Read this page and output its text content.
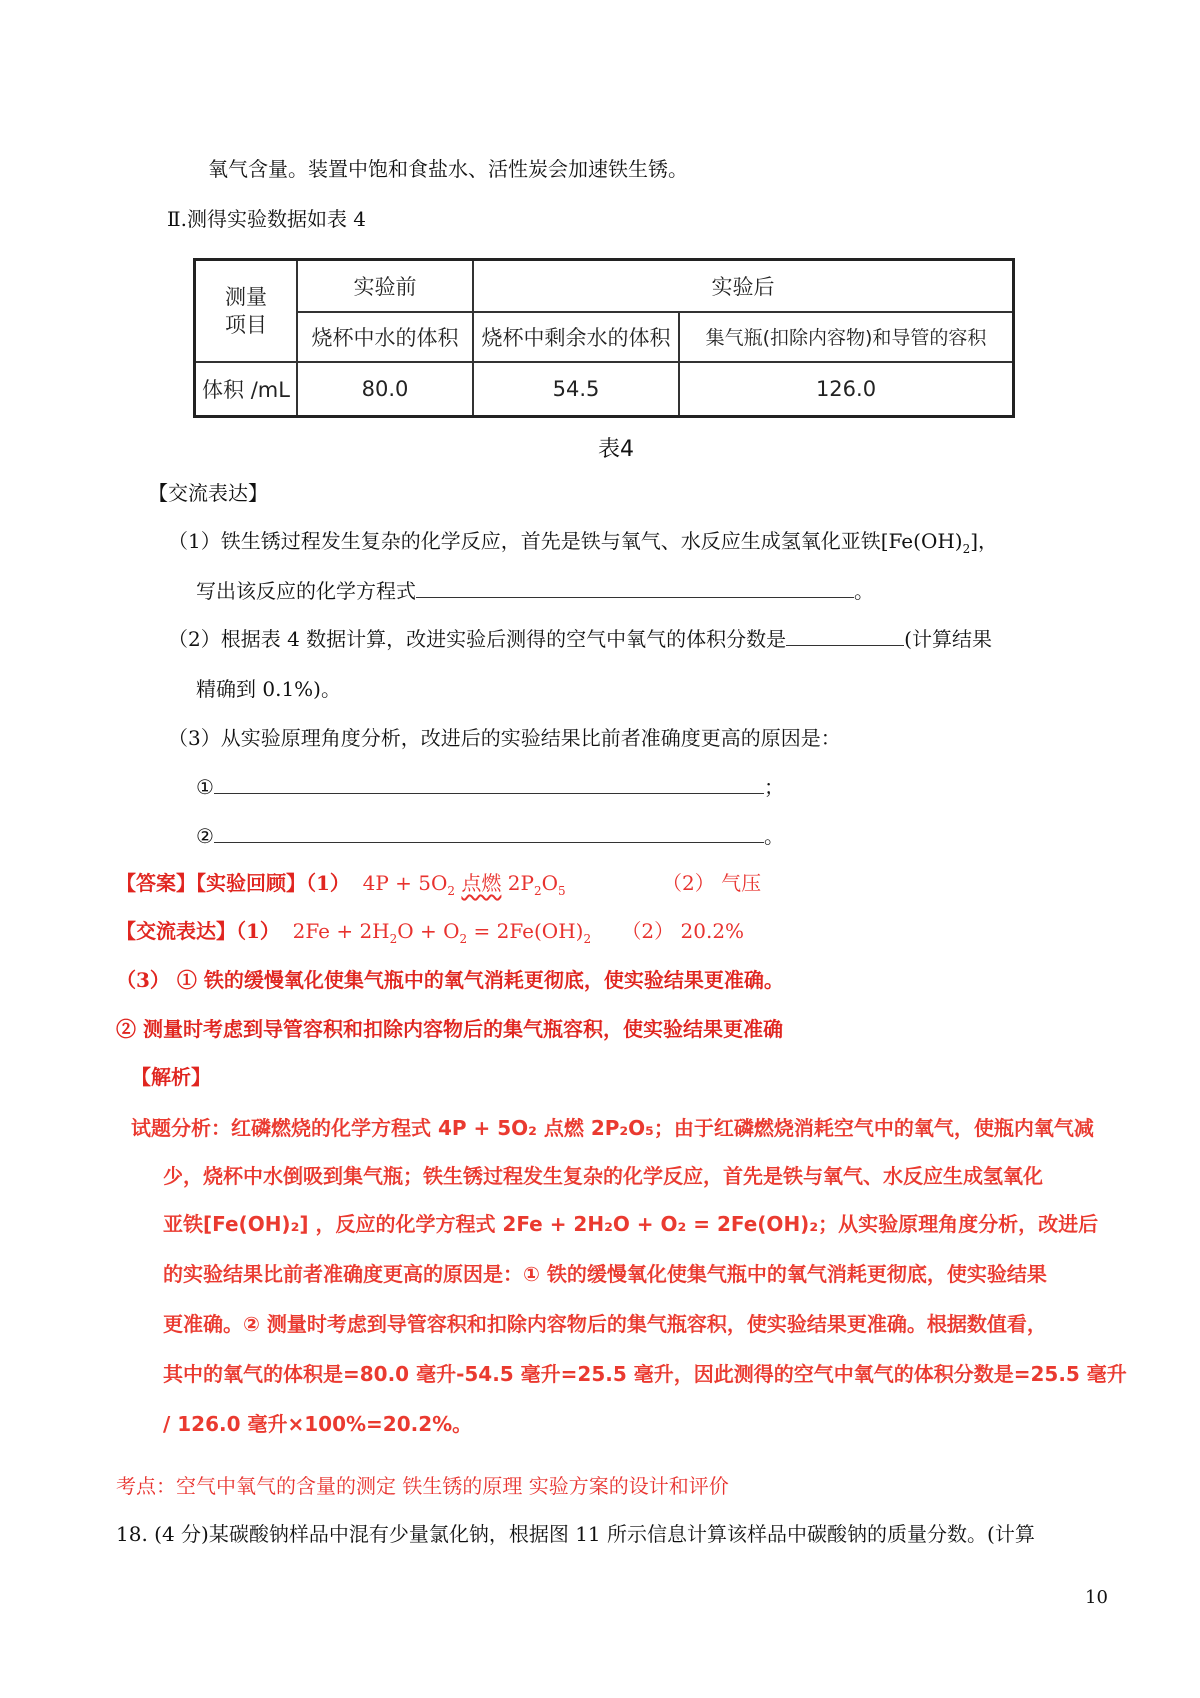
氧气含量。装置中饱和食盐水、活性炭会加速铁生锈。
Ⅱ.测得实验数据如表 4
测量
项目	实验前	实验后	
	烧杯中水的体积	烧杯中剩余水的体积	集气瓶(扣除内容物)和导管的容积
体积 /mL	80.0	54.5	126.0
表4
【交流表达】
（1）铁生锈过程发生复杂的化学反应，首先是铁与氧气、水反应生成氢氧化亚铁$[Fe(OH)_2]$，
写出该反应的化学方程式	。
（2）根据表 4 数据计算，改进实验后测得的空气中氧气的体积分数是	(计算结果
精确到 0.1%)。
（3）从实验原理角度分析，改进后的实验结果比前者准确度更高的原因是：
①	；
②	。
【答案】【实验回顾】（1） $4P + 5O_2$ 点燃 $2P_2O_5$	（2） 气压
【交流表达】（1） $2Fe + 2H_2O + O_2 = 2Fe(OH)_2$ （2） 20.2%
（3） ① 铁的缓慢氧化使集气瓶中的氧气消耗更彻底，使实验结果更准确。
② 测量时考虑到导管容积和扣除内容物后的集气瓶容积，使实验结果更准确
【解析】
试题分析：红磷燃烧的化学方程式 4P + 5O₂ 点燃 2P₂O₅；由于红磷燃烧消耗空气中的氧气，使瓶内氧气减
少，烧杯中水倒吸到集气瓶；铁生锈过程发生复杂的化学反应，首先是铁与氧气、水反应生成氢氧化
亚铁[Fe(OH)₂] ，反应的化学方程式 2Fe + 2H₂O + O₂ = 2Fe(OH)₂；从实验原理角度分析，改进后
的实验结果比前者准确度更高的原因是：① 铁的缓慢氧化使集气瓶中的氧气消耗更彻底，使实验结果
更准确。② 测量时考虑到导管容积和扣除内容物后的集气瓶容积，使实验结果更准确。根据数值看，
其中的氧气的体积是=80.0 毫升-54.5 毫升=25.5 毫升，因此测得的空气中氧气的体积分数是=25.5 毫升
/ 126.0 毫升×100%=20.2%。
考点：空气中氧气的含量的测定 铁生锈的原理 实验方案的设计和评价
18. (4 分)某碳酸钠样品中混有少量氯化钠，根据图 11 所示信息计算该样品中碳酸钠的质量分数。(计算
10
